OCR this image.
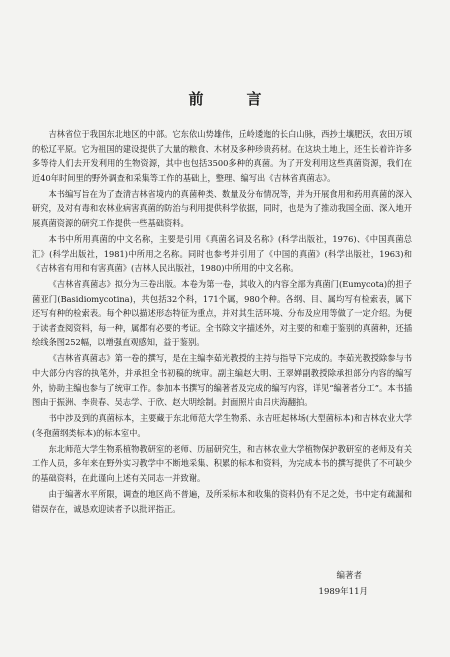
前　言

吉林省位于我国东北地区的中部。它东依山势雄伟，丘岭逶迤的长白山脉，西抄土壤肥沃，农田万顷的松辽平原。它为祖国的建设提供了大量的粮食、木材及多种珍贵药材。在这块土地上，还生长着许许多多等待人们去开发利用的生物资源，其中也包括3500多种的真菌。为了开发利用这些真菌资源，我们在近40年时间里的野外调查和采集等工作的基础上，整理、编写出《吉林省真菌志》。

本书编写旨在为了查清吉林省境内的真菌种类、数量及分布情况等，并为开展食用和药用真菌的深入研究，及对有毒和农林业病害真菌的防治与利用提供科学依据，同时，也是为了推动我国全面、深入地开展真菌资源的研究工作提供一些基础资料。

本书中所用真菌的中文名称，主要是引用《真菌名词及名称》(科学出版社，1976)、《中国真菌总汇》(科学出版社，1981)中所用之名称。同时也参考并引用了《中国的真菌》(科学出版社，1963)和《吉林省有用和有害真菌》(吉林人民出版社，1980)中所用的中文名称。

《吉林省真菌志》拟分为三卷出版。本卷为第一卷，其收入的内容全部为真菌门(Eumycota)的担子菌亚门(Basidiomycotina)，共包括32个科，171个属，980个种。各纲、目、属均写有检索表，属下还写有种的检索表。每个种以描述形态特征为重点，并对其生活环境、分布及应用等做了一定介绍。为便于读者查阅资料，每一种，属都有必要的考证。全书除文字描述外，对主要的和难于鉴别的真菌种，还插绘线条图252幅，以增强直观感知，益于鉴别。

《吉林省真菌志》第一卷的撰写，是在主编李茹光教授的主持与指导下完成的。李茹光教授除参与书中大部分内容的执笔外，并承担全书初稿的统审。副主编赵大明、王翠婵副教授除承担部分内容的编写外，协助主编也参与了统审工作。参加本书撰写的编著者及完成的编写内容，详见“编著者分工”。本书插图由于振洲、李贵春、吴志学、于欣、赵大明绘制。封面照片由吕庆海翻拍。

书中涉及到的真菌标本，主要藏于东北师范大学生物系、永吉旺起林场(大型菌标本)和吉林农业大学(冬孢菌纲类标本)的标本室中。

东北师范大学生物系植物教研室的老师、历届研究生，和吉林农业大学植物保护教研室的老师及有关工作人员，多年来在野外实习教学中不断地采集、积累的标本和资料，为完成本书的撰写提供了不可缺少的基础资料，在此谨向上述有关同志一并致谢。

由于编著水平所限，调查的地区尚不普遍，及所采标本和收集的资料仍有不足之处，书中定有疏漏和错误存在，诚恳欢迎读者予以批评指正。

编著者
1989年11月
